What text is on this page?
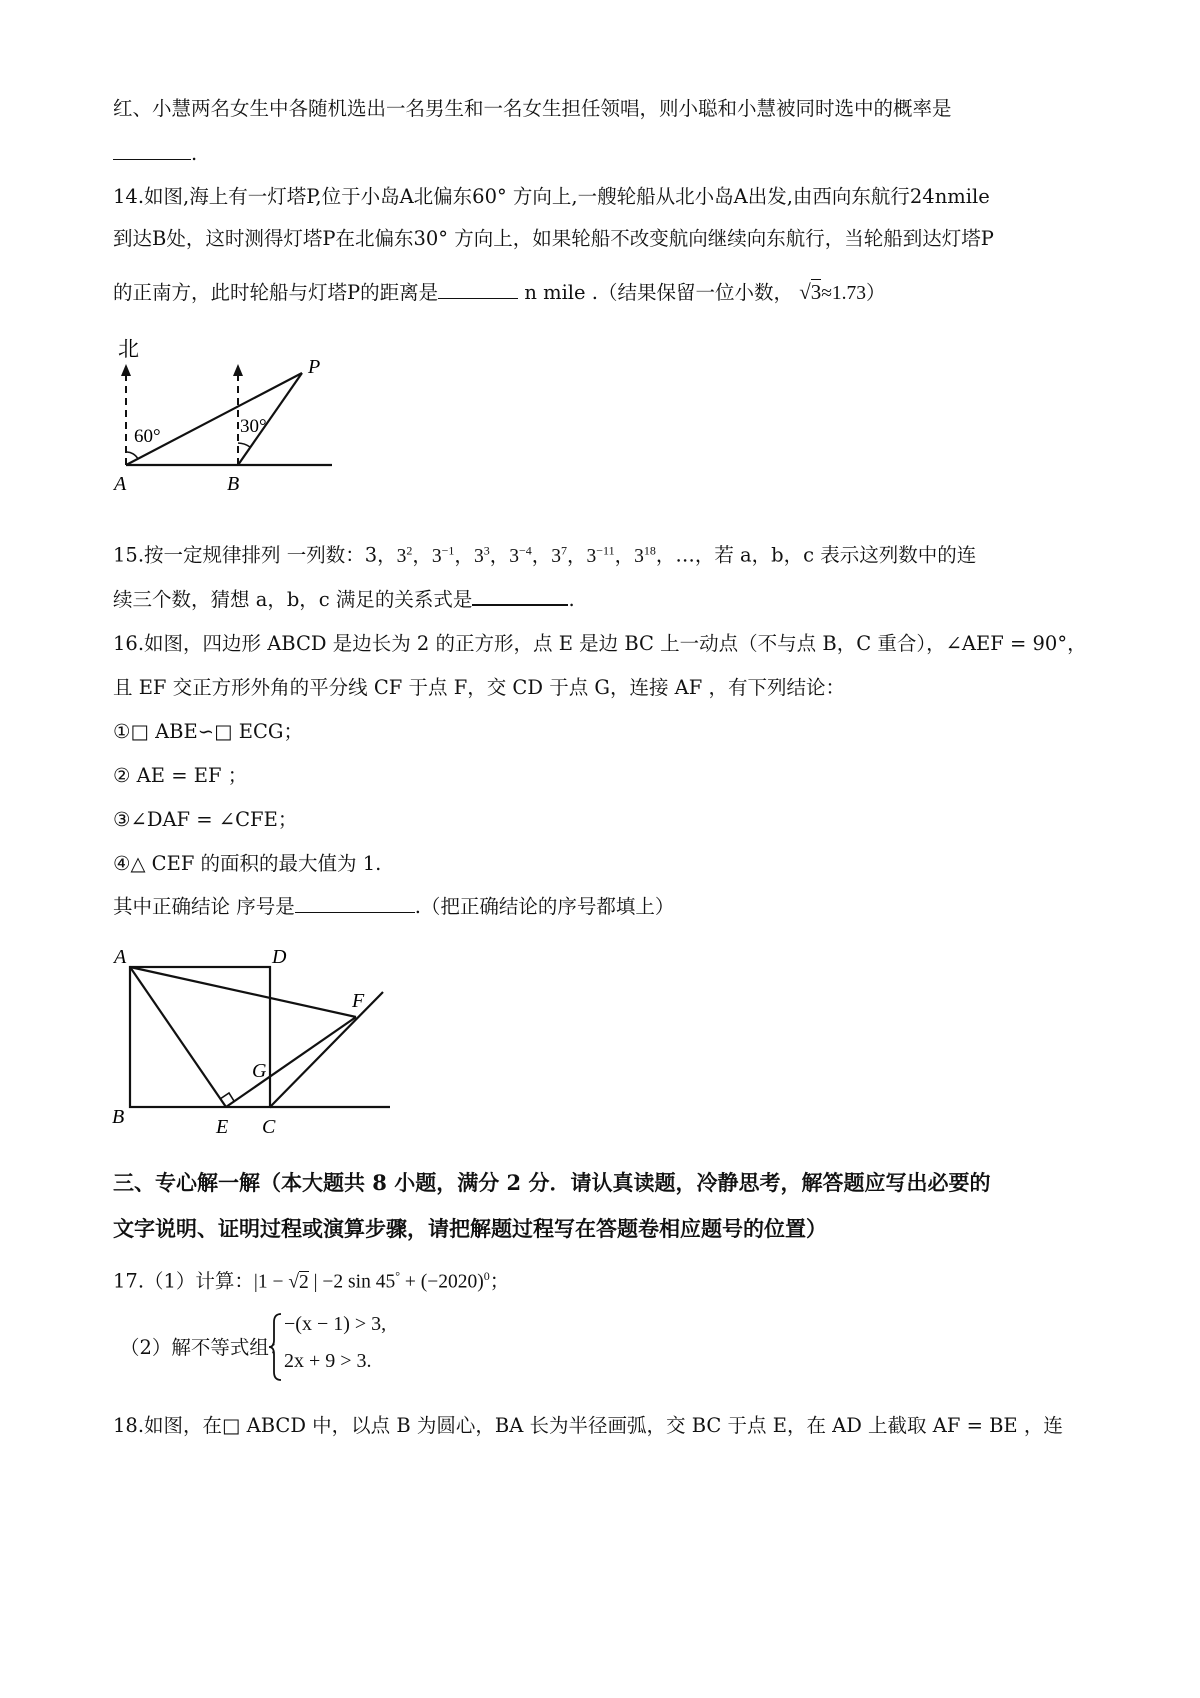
红、小慧两名女生中各随机选出一名男生和一名女生担任领唱，则小聪和小慧被同时选中的概率是
.
14.如图,海上有一灯塔P,位于小岛A北偏东60° 方向上,一艘轮船从北小岛A出发,由西向东航行24nmile
到达B处，这时测得灯塔P在北偏东30° 方向上，如果轮船不改变航向继续向东航行，当轮船到达灯塔P
的正南方，此时轮船与灯塔P的距离是	n mile .（结果保留一位小数， √3≈1.73）
北
60°	30°
A	B
P
15.按一定规律排列 一列数：3，$3^2$，$3^{-1}$，$3^3$，$3^{-4}$，$3^7$，$3^{-11}$，$3^{18}$，…，若 a，b，c 表示这列数中的连
续三个数，猜想 a，b，c 满足的关系式是	.
16.如图，四边形 ABCD 是边长为 2 的正方形，点 E 是边 BC 上一动点（不与点 B，C 重合），∠AEF = 90°，
且 EF 交正方形外角的平分线 CF 于点 F，交 CD 于点 G，连接 AF ，有下列结论：
①□ ABE∽□ ECG；
② AE = EF ；
③∠DAF = ∠CFE；
④△ CEF 的面积的最大值为 1.
其中正确结论 序号是	.（把正确结论的序号都填上）
A	D
F
G
B	E C
三、专心解一解（本大题共 8 小题，满分 2 分．请认真读题，冷静思考，解答题应写出必要的
文字说明、证明过程或演算步骤，请把解题过程写在答题卷相应题号的位置）
17.（1）计算：|1 − √2 | −2 $\sin 45^\circ + (-2020)^0$；
（2）解不等式组：
−(x − 1) > 3,
2x + 9 > 3.
18.如图，在□ ABCD 中，以点 B 为圆心，BA 长为半径画弧，交 BC 于点 E，在 AD 上截取 AF = BE ，连
